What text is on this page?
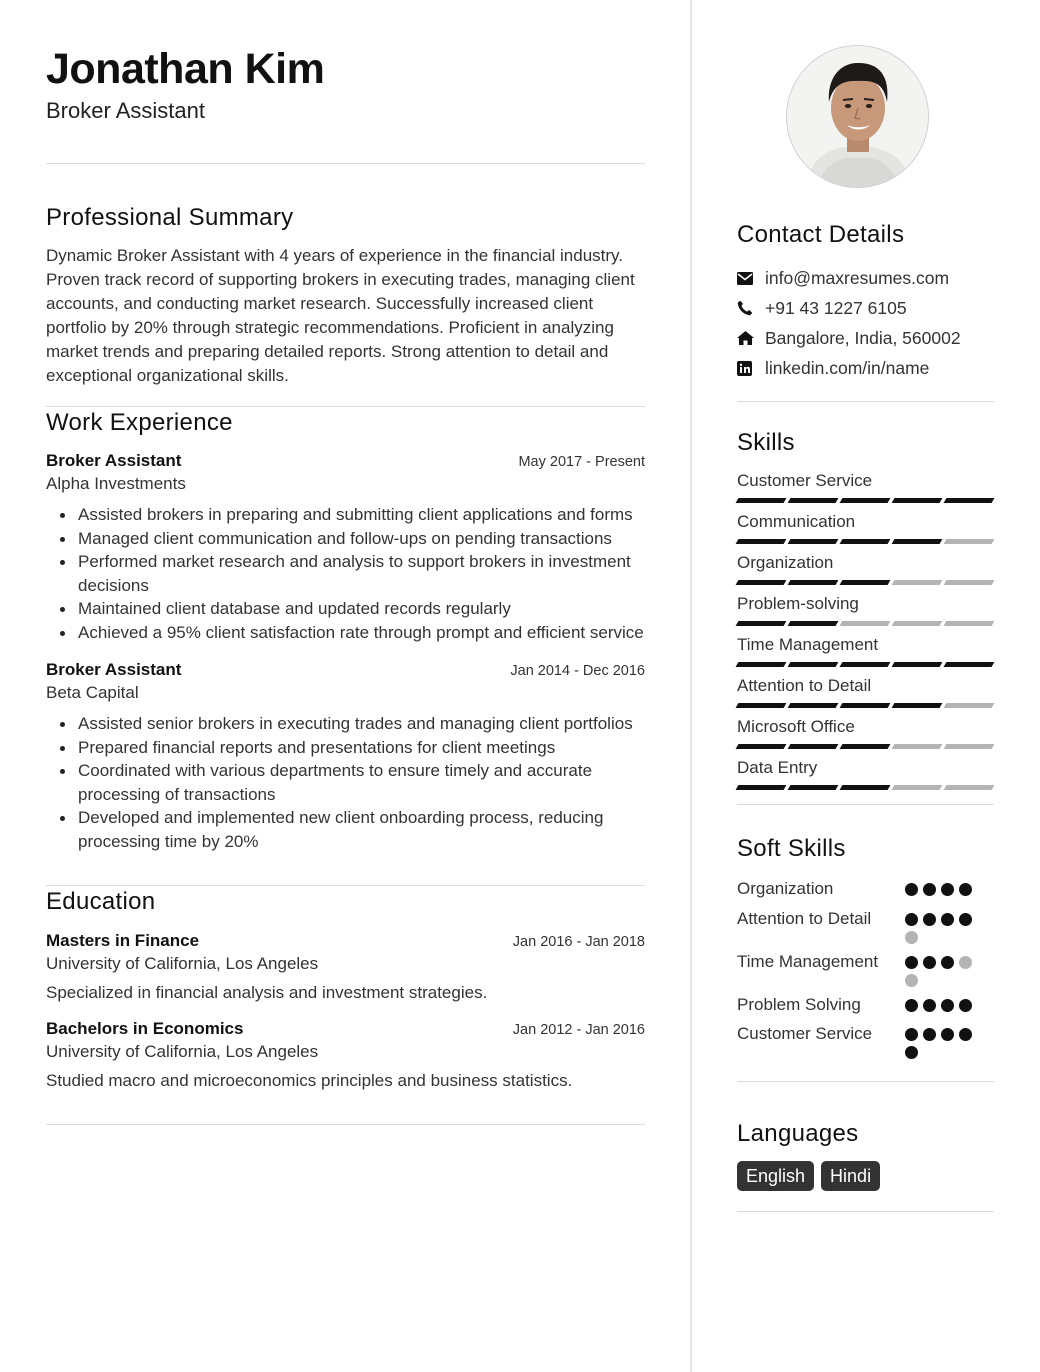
Jonathan Kim
Broker Assistant
Professional Summary
Dynamic Broker Assistant with 4 years of experience in the financial industry. Proven track record of supporting brokers in executing trades, managing client accounts, and conducting market research. Successfully increased client portfolio by 20% through strategic recommendations. Proficient in analyzing market trends and preparing detailed reports. Strong attention to detail and exceptional organizational skills.
Work Experience
Broker Assistant	May 2017 - Present
Alpha Investments
Assisted brokers in preparing and submitting client applications and forms
Managed client communication and follow-ups on pending transactions
Performed market research and analysis to support brokers in investment decisions
Maintained client database and updated records regularly
Achieved a 95% client satisfaction rate through prompt and efficient service
Broker Assistant	Jan 2014 - Dec 2016
Beta Capital
Assisted senior brokers in executing trades and managing client portfolios
Prepared financial reports and presentations for client meetings
Coordinated with various departments to ensure timely and accurate processing of transactions
Developed and implemented new client onboarding process, reducing processing time by 20%
Education
Masters in Finance	Jan 2016 - Jan 2018
University of California, Los Angeles
Specialized in financial analysis and investment strategies.
Bachelors in Economics	Jan 2012 - Jan 2016
University of California, Los Angeles
Studied macro and microeconomics principles and business statistics.
Contact Details
info@maxresumes.com
+91 43 1227 6105
Bangalore, India, 560002
linkedin.com/in/name
Skills
Customer Service
Communication
Organization
Problem-solving
Time Management
Attention to Detail
Microsoft Office
Data Entry
Soft Skills
Organization
Attention to Detail
Time Management
Problem Solving
Customer Service
Languages
English	Hindi
